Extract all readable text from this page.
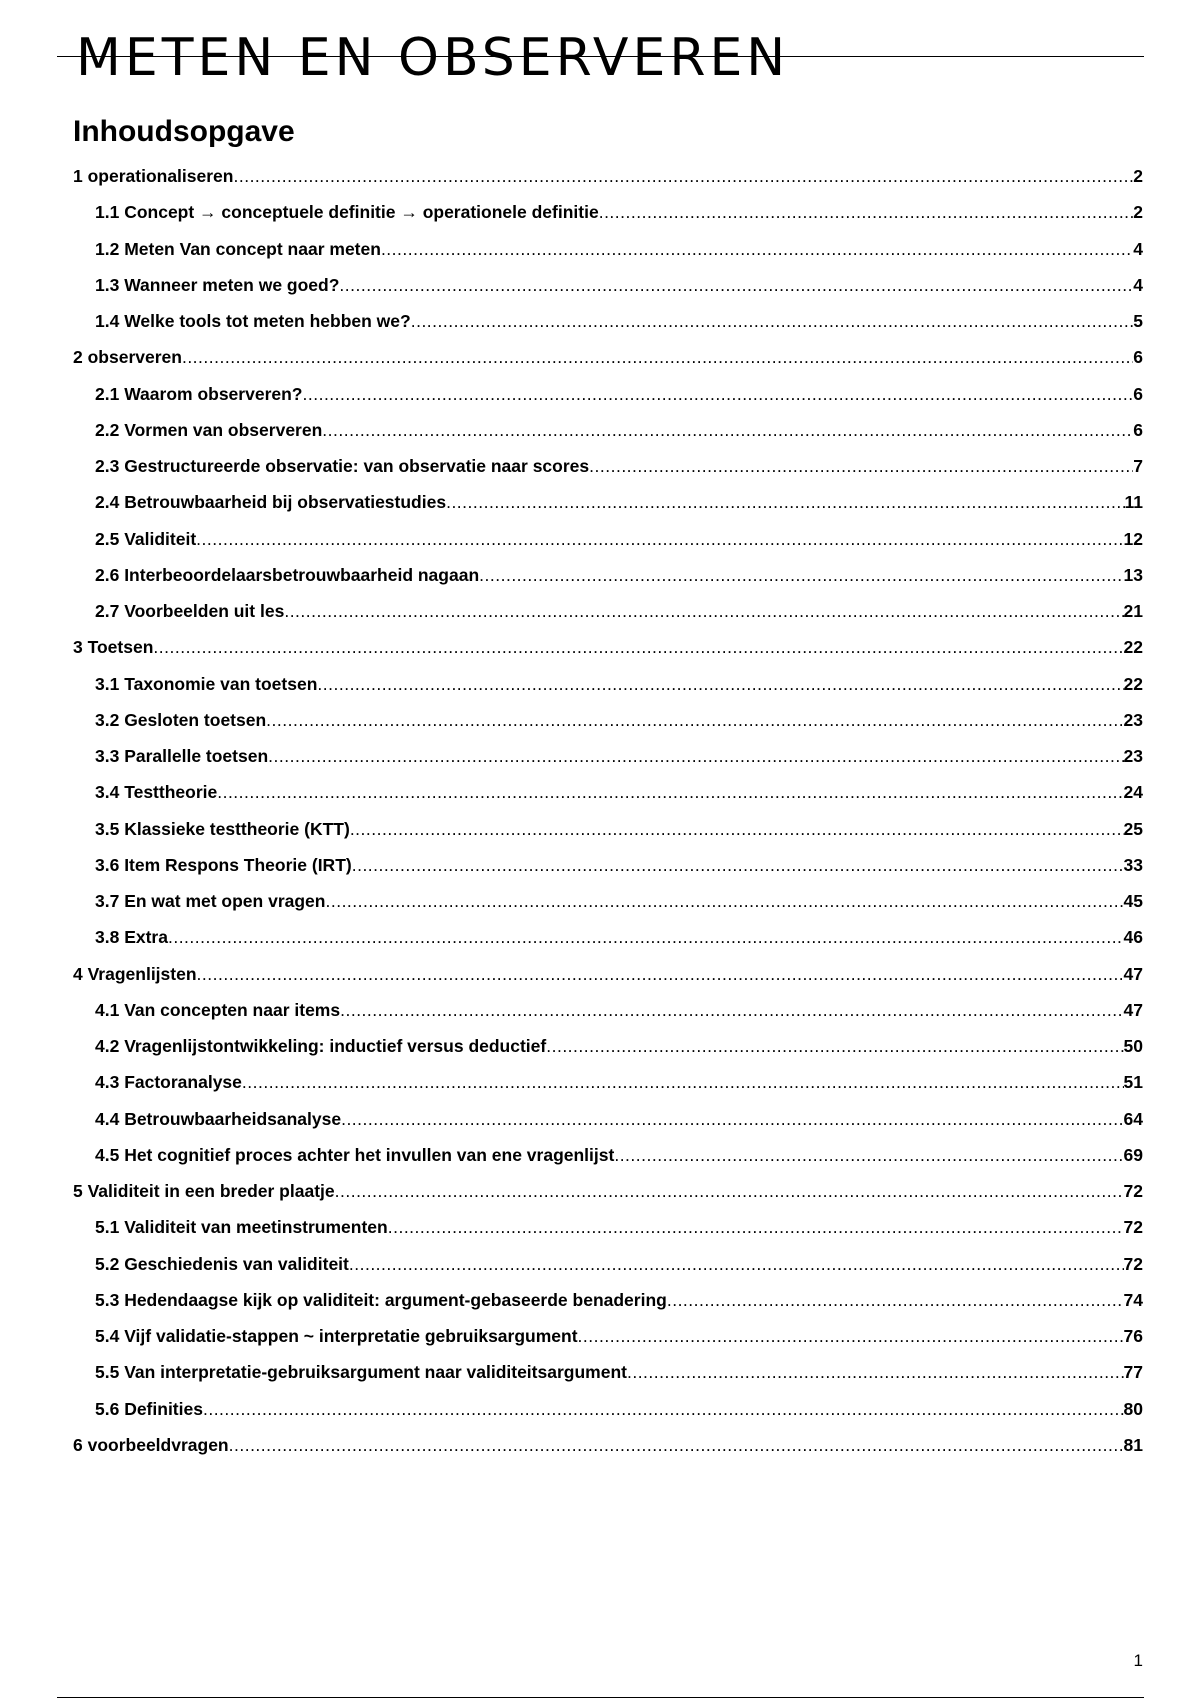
METEN EN OBSERVEREN
Inhoudsopgave
1 operationaliseren .....	2
1.1 Concept → conceptuele definitie → operationele definitie .....	2
1.2 Meten Van concept naar meten .....	4
1.3 Wanneer meten we goed? .....	4
1.4 Welke tools tot meten hebben we? .....	5
2 observeren .....	6
2.1 Waarom observeren? .....	6
2.2 Vormen van observeren .....	6
2.3 Gestructureerde observatie: van observatie naar scores .....	7
2.4 Betrouwbaarheid bij observatiestudies .....	11
2.5 Validiteit .....	12
2.6 Interbeoordelaarsbetrouwbaarheid nagaan .....	13
2.7 Voorbeelden uit les .....	21
3 Toetsen .....	22
3.1 Taxonomie van toetsen .....	22
3.2 Gesloten toetsen .....	23
3.3 Parallelle toetsen .....	23
3.4 Testtheorie .....	24
3.5 Klassieke testtheorie (KTT) .....	25
3.6 Item Respons Theorie (IRT) .....	33
3.7 En wat met open vragen .....	45
3.8 Extra .....	46
4 Vragenlijsten .....	47
4.1 Van concepten naar items .....	47
4.2 Vragenlijstontwikkeling: inductief versus deductief .....	50
4.3 Factoranalyse .....	51
4.4 Betrouwbaarheidsanalyse .....	64
4.5 Het cognitief proces achter het invullen van ene vragenlijst .....	69
5 Validiteit in een breder plaatje .....	72
5.1 Validiteit van meetinstrumenten .....	72
5.2 Geschiedenis van validiteit .....	72
5.3 Hedendaagse kijk op validiteit: argument-gebaseerde benadering .....	74
5.4 Vijf validatie-stappen ~ interpretatie gebruiksargument .....	76
5.5 Van interpretatie-gebruiksargument naar validiteitsargument .....	77
5.6 Definities .....	80
6 voorbeeldvragen .....	81
1
